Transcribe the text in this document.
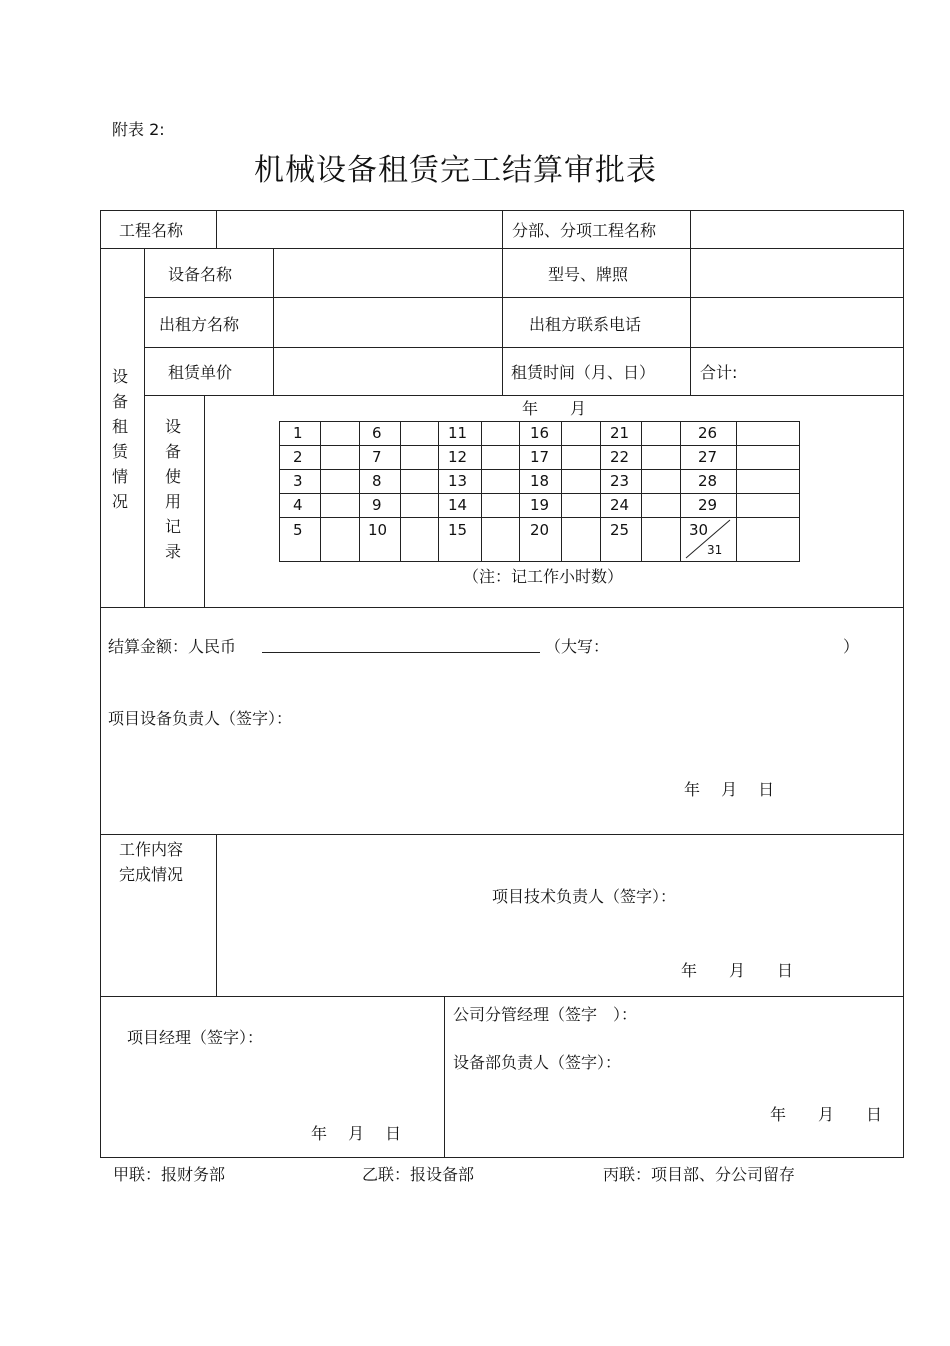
附表 2:
机械设备租赁完工结算审批表
工程名称	分部、分项工程名称
设
备
租
赁
情
况
设备名称	型号、牌照
出租方名称	出租方联系电话
租赁单价	租赁时间（月、日）	合计:
设
备
使
用
记
录
年　　月
1	6	11	16	21	26
2	7	12	17	22	27
3	8	13	18	23	28
4	9	14	19	24	29
5	10	15	20	25	30
31
（注：记工作小时数）
结算金额：人民币	（大写：	）
项目设备负责人（签字）：
年　 月　 日
工作内容
完成情况
项目技术负责人（签字）：
年　　月　　日
项目经理（签字）：
年　 月　 日
公司分管经理（签字　）：
设备部负责人（签字）：
年　　月　　日
甲联：报财务部	乙联：报设备部	丙联：项目部、分公司留存
